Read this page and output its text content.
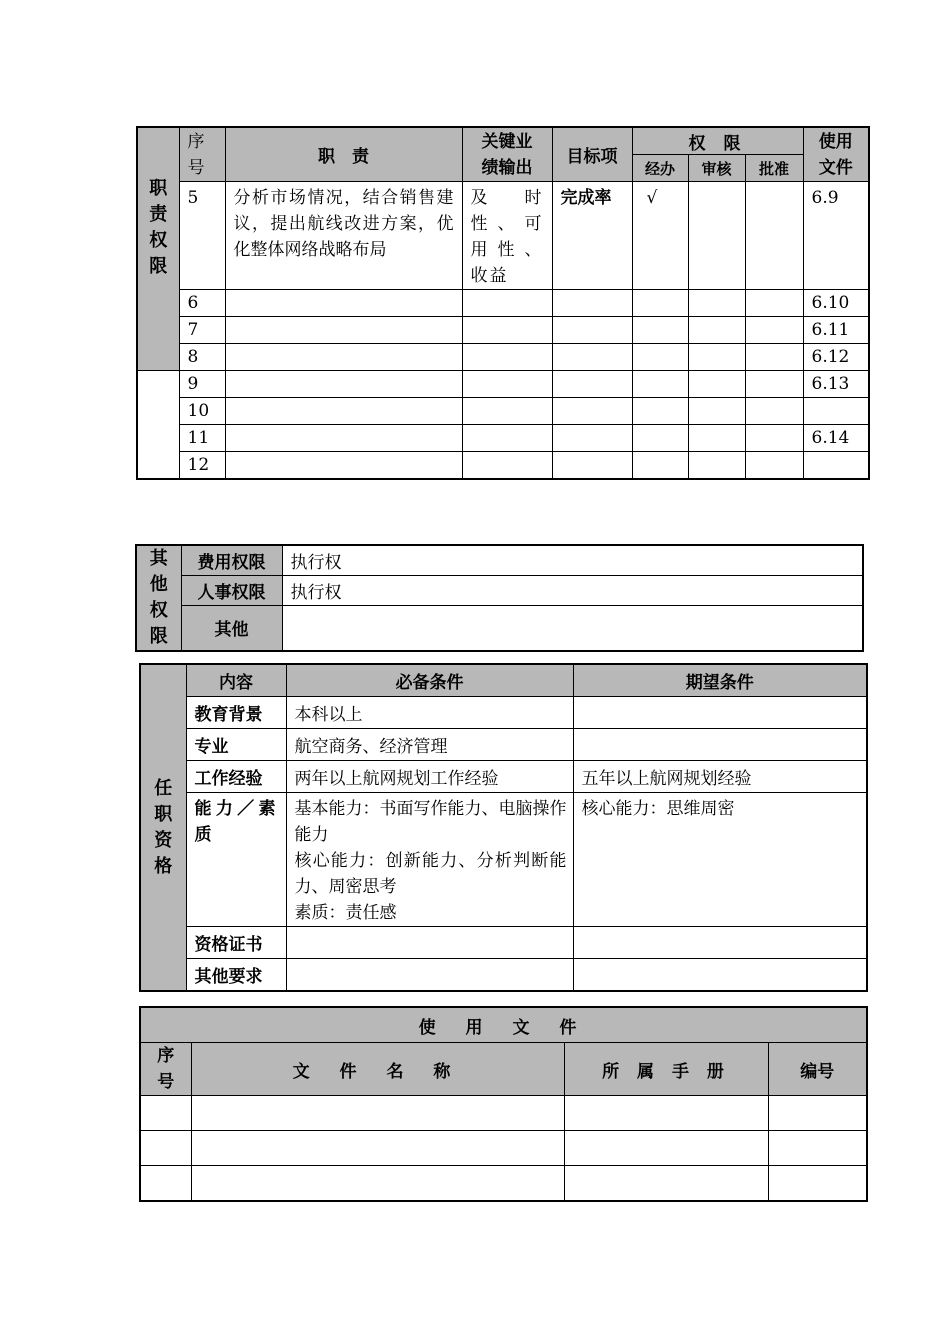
职责权限	序号	职　责	关键业绩输出	目标项	权 限			使用文件
					经办	审核	批准	
	5	分析市场情况，结合销售建议，提出航线改进方案，优化整体网络战略布局	及　时性、可用性、收益	完成率	√			6.9
	6							6.10
	7							6.11
	8							6.12
	9							6.13
	10							
	11							6.14
	12							
其他权限	费用权限	执行权
	人事权限	执行权
	其他	
任职资格	内容	必备条件	期望条件
	教育背景	本科以上	
	专业	航空商务、经济管理	
	工作经验	两年以上航网规划工作经验	五年以上航网规划经验
	能力／素质	基本能力：书面写作能力、电脑操作能力
核心能力：创新能力、分析判断能力、周密思考
素质：责任感	核心能力：思维周密
	资格证书		
	其他要求		
使 用 文 件			
序号	文 件 名 称	所 属 手 册	编号
